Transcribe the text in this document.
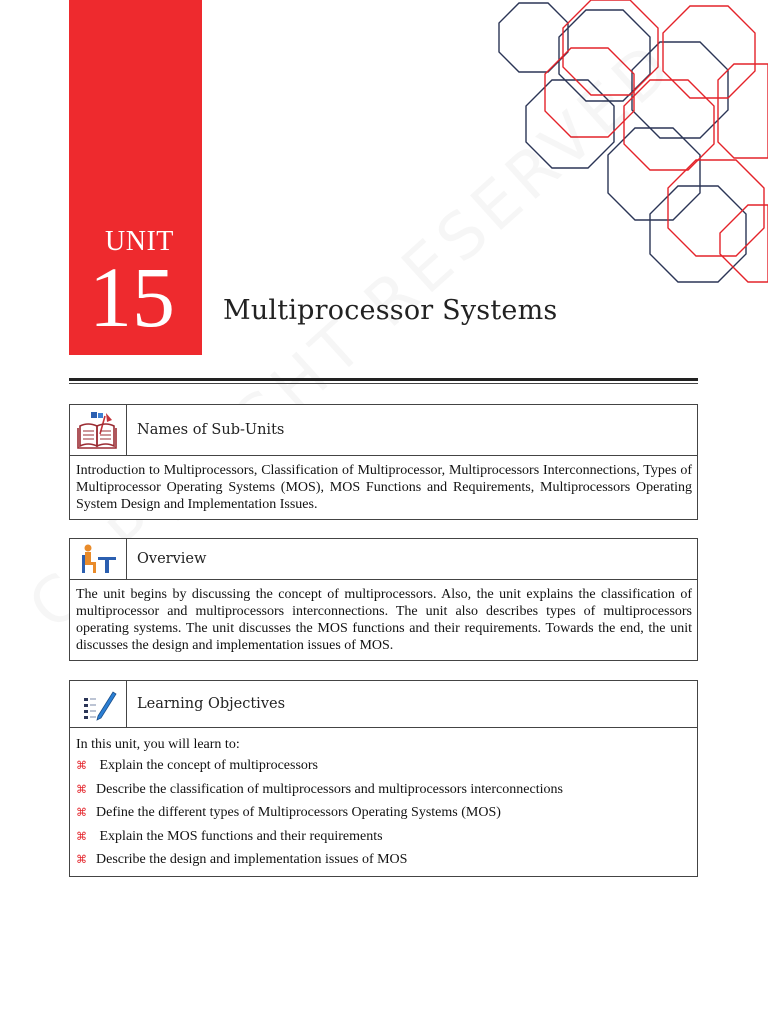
UNIT
15 Multiprocessor Systems
Names of Sub-Units
Introduction to Multiprocessors, Classification of Multiprocessor, Multiprocessors Interconnections, Types of Multiprocessor Operating Systems (MOS), MOS Functions and Requirements, Multiprocessors Operating System Design and Implementation Issues.
Overview
The unit begins by discussing the concept of multiprocessors. Also, the unit explains the classification of multiprocessor and multiprocessors interconnections. The unit also describes types of multiprocessors operating systems. The unit discusses the MOS functions and their requirements. Towards the end, the unit discusses the design and implementation issues of MOS.
Learning Objectives
In this unit, you will learn to:
⌘ Explain the concept of multiprocessors
⌘ Describe the classification of multiprocessors and multiprocessors interconnections
⌘ Define the different types of Multiprocessors Operating Systems (MOS)
⌘ Explain the MOS functions and their requirements
⌘ Describe the design and implementation issues of MOS
